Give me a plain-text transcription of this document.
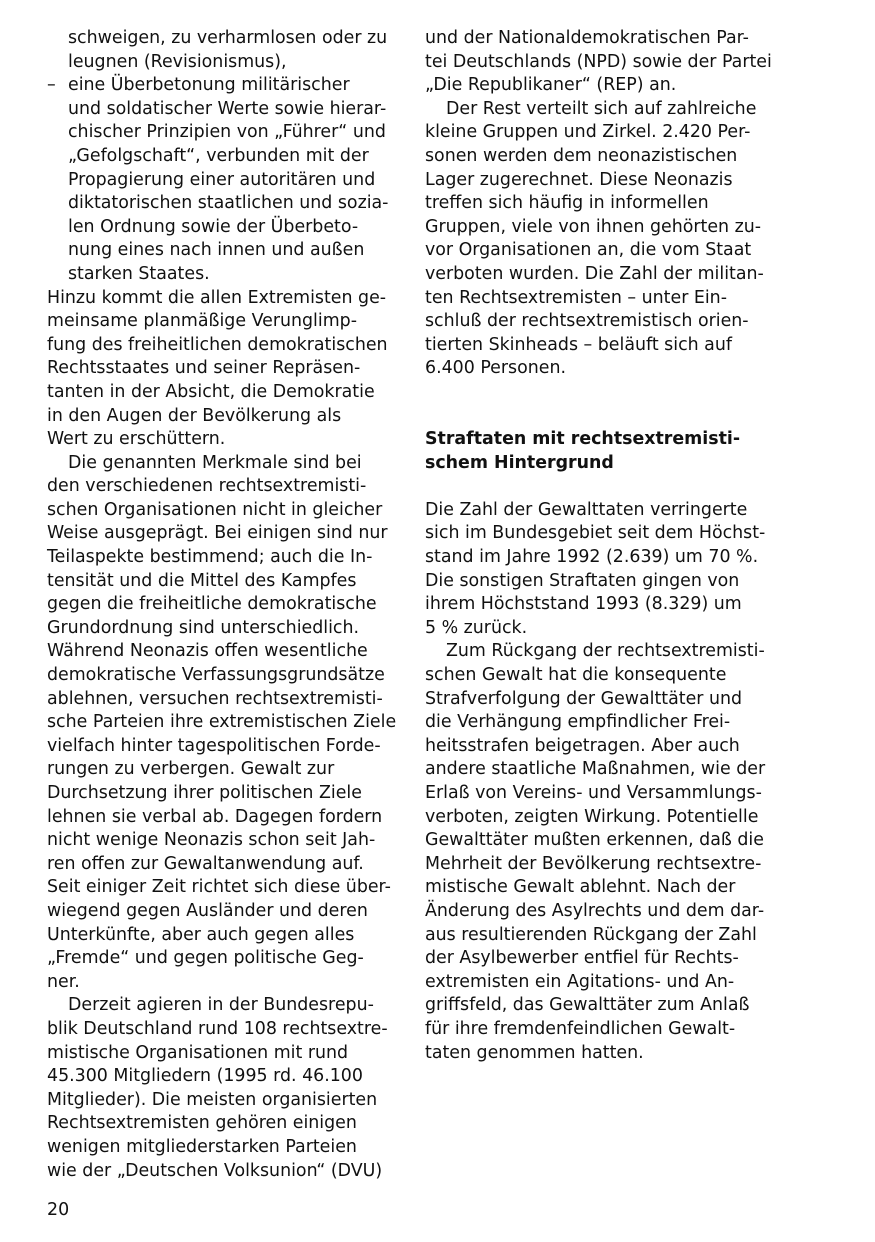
schweigen, zu verharmlosen oder zu
leugnen (Revisionismus),
– eine Überbetonung militärischer
und soldatischer Werte sowie hierar-
chischer Prinzipien von „Führer“ und
„Gefolgschaft“, verbunden mit der
Propagierung einer autoritären und
diktatorischen staatlichen und sozia-
len Ordnung sowie der Überbeto-
nung eines nach innen und außen
starken Staates.
Hinzu kommt die allen Extremisten ge-
meinsame planmäßige Verunglimp-
fung des freiheitlichen demokratischen
Rechtsstaates und seiner Repräsen-
tanten in der Absicht, die Demokratie
in den Augen der Bevölkerung als
Wert zu erschüttern.
Die genannten Merkmale sind bei
den verschiedenen rechtsextremisti-
schen Organisationen nicht in gleicher
Weise ausgeprägt. Bei einigen sind nur
Teilaspekte bestimmend; auch die In-
tensität und die Mittel des Kampfes
gegen die freiheitliche demokratische
Grundordnung sind unterschiedlich.
Während Neonazis offen wesentliche
demokratische Verfassungsgrundsätze
ablehnen, versuchen rechtsextremisti-
sche Parteien ihre extremistischen Ziele
vielfach hinter tagespolitischen Forde-
rungen zu verbergen. Gewalt zur
Durchsetzung ihrer politischen Ziele
lehnen sie verbal ab. Dagegen fordern
nicht wenige Neonazis schon seit Jah-
ren offen zur Gewaltanwendung auf.
Seit einiger Zeit richtet sich diese über-
wiegend gegen Ausländer und deren
Unterkünfte, aber auch gegen alles
„Fremde“ und gegen politische Geg-
ner.
Derzeit agieren in der Bundesrepu-
blik Deutschland rund 108 rechtsextre-
mistische Organisationen mit rund
45.300 Mitgliedern (1995 rd. 46.100
Mitglieder). Die meisten organisierten
Rechtsextremisten gehören einigen
wenigen mitgliederstarken Parteien
wie der „Deutschen Volksunion“ (DVU)
und der Nationaldemokratischen Par-
tei Deutschlands (NPD) sowie der Partei
„Die Republikaner“ (REP) an.
Der Rest verteilt sich auf zahlreiche
kleine Gruppen und Zirkel. 2.420 Per-
sonen werden dem neonazistischen
Lager zugerechnet. Diese Neonazis
treffen sich häufig in informellen
Gruppen, viele von ihnen gehörten zu-
vor Organisationen an, die vom Staat
verboten wurden. Die Zahl der militan-
ten Rechtsextremisten – unter Ein-
schluß der rechtsextremistisch orien-
tierten Skinheads – beläuft sich auf
6.400 Personen.
Straftaten mit rechtsextremisti-
schem Hintergrund
Die Zahl der Gewalttaten verringerte
sich im Bundesgebiet seit dem Höchst-
stand im Jahre 1992 (2.639) um 70 %.
Die sonstigen Straftaten gingen von
ihrem Höchststand 1993 (8.329) um
5 % zurück.
Zum Rückgang der rechtsextremisti-
schen Gewalt hat die konsequente
Strafverfolgung der Gewalttäter und
die Verhängung empfindlicher Frei-
heitsstrafen beigetragen. Aber auch
andere staatliche Maßnahmen, wie der
Erlaß von Vereins- und Versammlungs-
verboten, zeigten Wirkung. Potentielle
Gewalttäter mußten erkennen, daß die
Mehrheit der Bevölkerung rechtsextre-
mistische Gewalt ablehnt. Nach der
Änderung des Asylrechts und dem dar-
aus resultierenden Rückgang der Zahl
der Asylbewerber entfiel für Rechts-
extremisten ein Agitations- und An-
griffsfeld, das Gewalttäter zum Anlaß
für ihre fremdenfeindlichen Gewalt-
taten genommen hatten.
20
